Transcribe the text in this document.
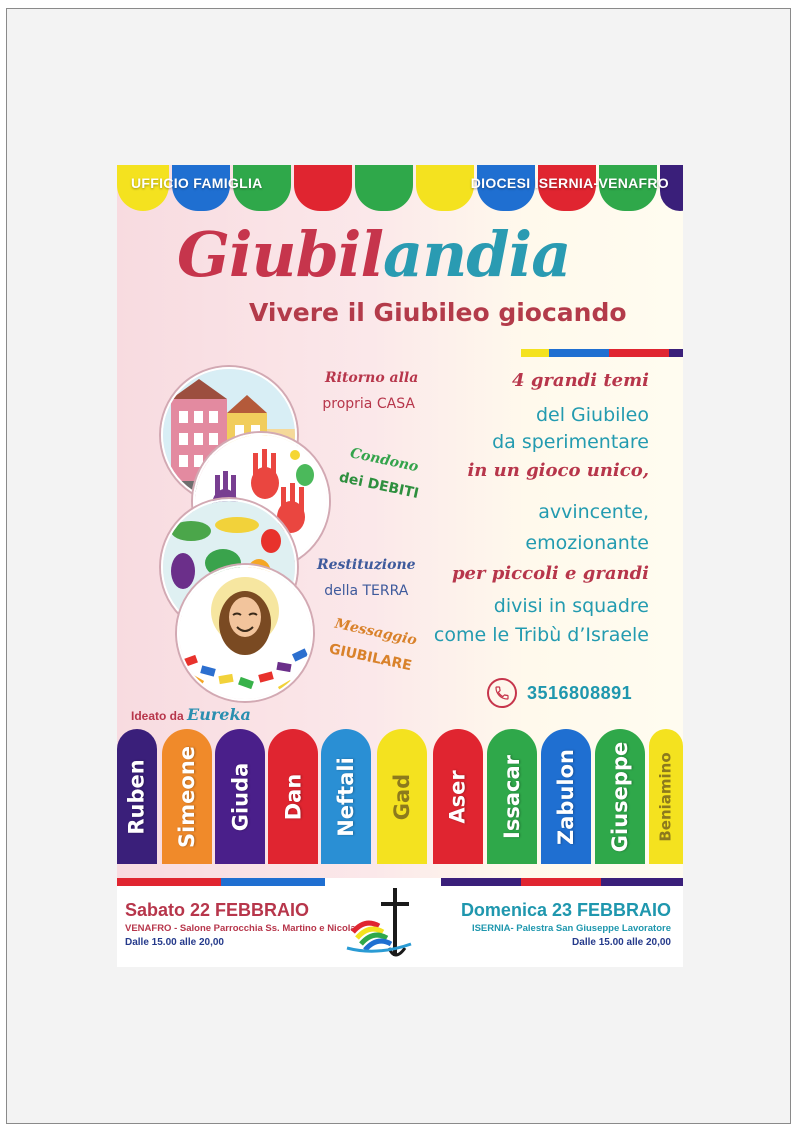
UFFICIO FAMIGLIA	DIOCESI ISERNIA-VENAFRO
Giubilandia
Vivere il Giubileo giocando
Ritorno alla
propria CASA
Condono
dei DEBITI
Restituzione
della TERRA
Messaggio
GIUBILARE
4 grandi temi
del Giubileo
da sperimentare
in un gioco unico,
avvincente,
emozionante
per piccoli e grandi
divisi in squadre
come le Tribù d’Israele
3516808891
Ideato da Eureka
Ruben Simeone Giuda Dan Neftali Gad Aser Issacar Zabulon Giuseppe Beniamino
Sabato 22 FEBBRAIO
VENAFRO - Salone Parrocchia Ss. Martino e Nicola
Dalle 15.00 alle 20,00
Domenica 23 FEBBRAIO
ISERNIA- Palestra San Giuseppe Lavoratore
Dalle 15.00 alle 20,00
